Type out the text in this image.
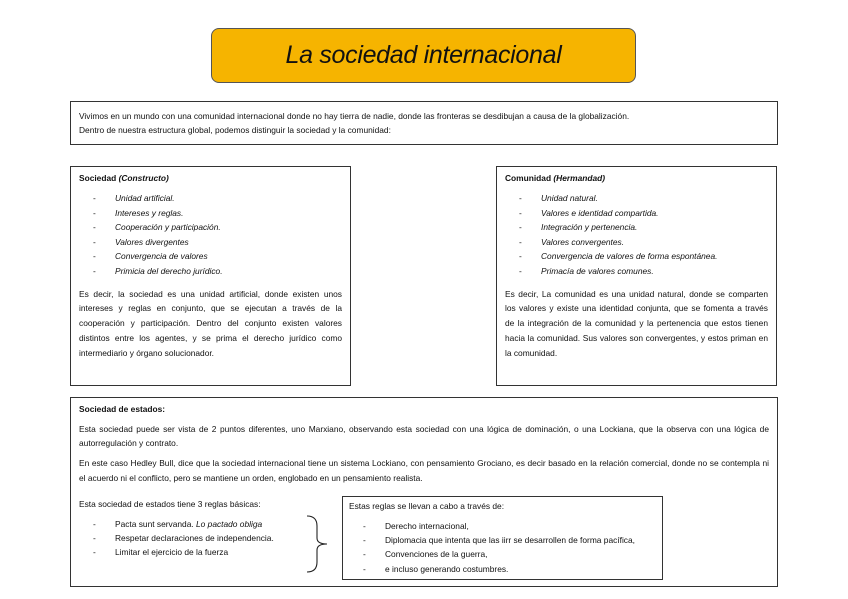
La sociedad internacional
Vivimos en un mundo con una comunidad internacional donde no hay tierra de nadie, donde las fronteras se desdibujan a causa de la globalización.
Dentro de nuestra estructura global, podemos distinguir la sociedad y la comunidad:
Sociedad (Constructo)
- Unidad artificial.
- Intereses y reglas.
- Cooperación y participación.
- Valores divergentes
- Convergencia de valores
- Primicia del derecho jurídico.
Es decir, la sociedad es una unidad artificial, donde existen unos intereses y reglas en conjunto, que se ejecutan a través de la cooperación y participación. Dentro del conjunto existen valores distintos entre los agentes, y se prima el derecho jurídico como intermediario y órgano solucionador.
Comunidad (Hermandad)
- Unidad natural.
- Valores e identidad compartida.
- Integración y pertenencia.
- Valores convergentes.
- Convergencia de valores de forma espontánea.
- Primacía de valores comunes.
Es decir, La comunidad es una unidad natural, donde se comparten los valores y existe una identidad conjunta, que se fomenta a través de la integración de la comunidad y la pertenencia que estos tienen hacia la comunidad. Sus valores son convergentes, y estos priman en la comunidad.
Sociedad de estados:
Esta sociedad puede ser vista de 2 puntos diferentes, uno Marxiano, observando esta sociedad con una lógica de dominación, o una Lockiana, que la observa con una lógica de autorregulación y contrato.
En este caso Hedley Bull, dice que la sociedad internacional tiene un sistema Lockiano, con pensamiento Grociano, es decir basado en la relación comercial, donde no se contempla ni el acuerdo ni el conflicto, pero se mantiene un orden, englobado en un pensamiento realista.
Esta sociedad de estados tiene 3 reglas básicas:
- Pacta sunt servanda. Lo pactado obliga
- Respetar declaraciones de independencia.
- Limitar el ejercicio de la fuerza
Estas reglas se llevan a cabo a través de:
- Derecho internacional,
- Diplomacia que intenta que las iirr se desarrollen de forma pacífica,
- Convenciones de la guerra,
- e incluso generando costumbres.
